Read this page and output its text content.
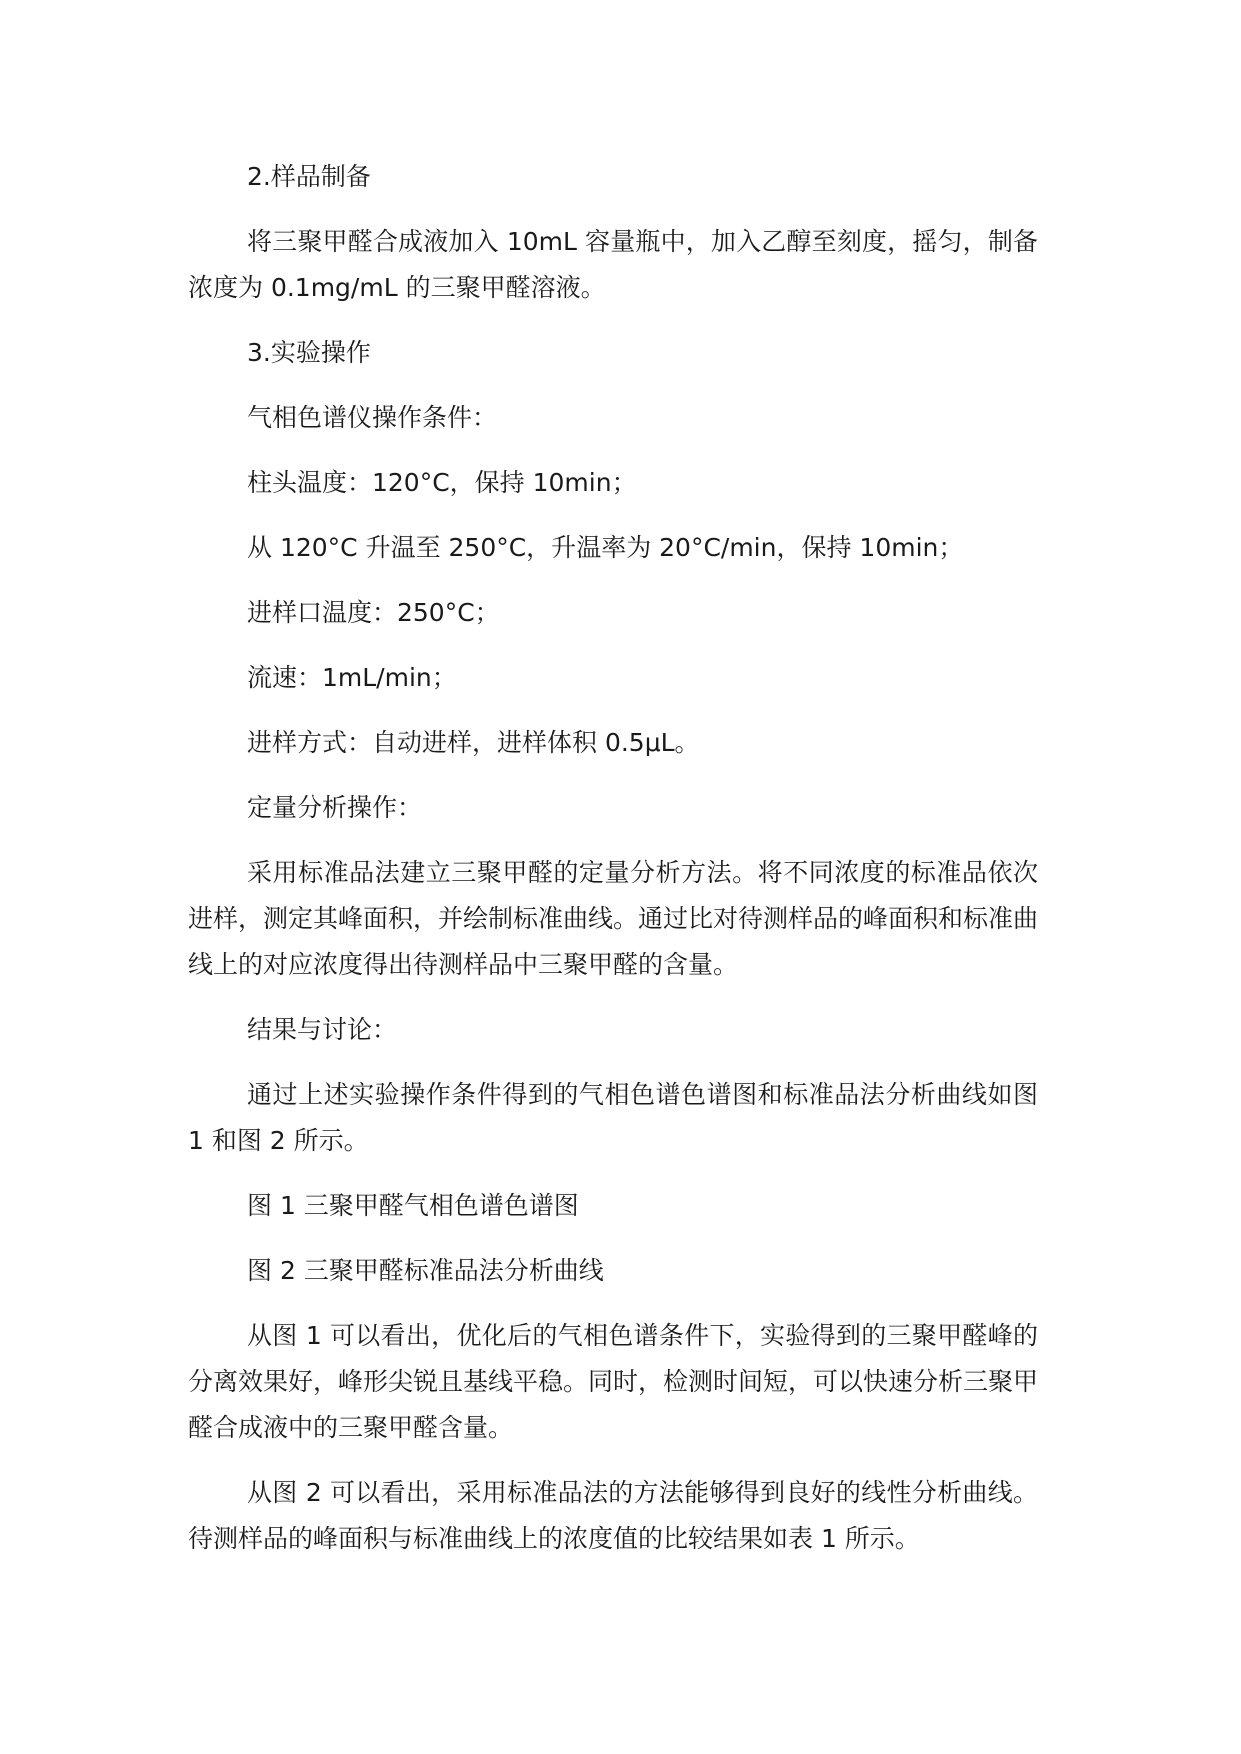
2.样品制备

将三聚甲醛合成液加入 10mL 容量瓶中，加入乙醇至刻度，摇匀，制备浓度为 0.1mg/mL 的三聚甲醛溶液。

3.实验操作

气相色谱仪操作条件：

柱头温度：120°C，保持 10min；

从 120°C 升温至 250°C，升温率为 20°C/min，保持 10min；

进样口温度：250°C；

流速：1mL/min；

进样方式：自动进样，进样体积 0.5μL。

定量分析操作：

采用标准品法建立三聚甲醛的定量分析方法。将不同浓度的标准品依次进样，测定其峰面积，并绘制标准曲线。通过比对待测样品的峰面积和标准曲线上的对应浓度得出待测样品中三聚甲醛的含量。

结果与讨论：

通过上述实验操作条件得到的气相色谱色谱图和标准品法分析曲线如图 1 和图 2 所示。

图 1 三聚甲醛气相色谱色谱图

图 2 三聚甲醛标准品法分析曲线

从图 1 可以看出，优化后的气相色谱条件下，实验得到的三聚甲醛峰的分离效果好，峰形尖锐且基线平稳。同时，检测时间短，可以快速分析三聚甲醛合成液中的三聚甲醛含量。

从图 2 可以看出，采用标准品法的方法能够得到良好的线性分析曲线。待测样品的峰面积与标准曲线上的浓度值的比较结果如表 1 所示。
